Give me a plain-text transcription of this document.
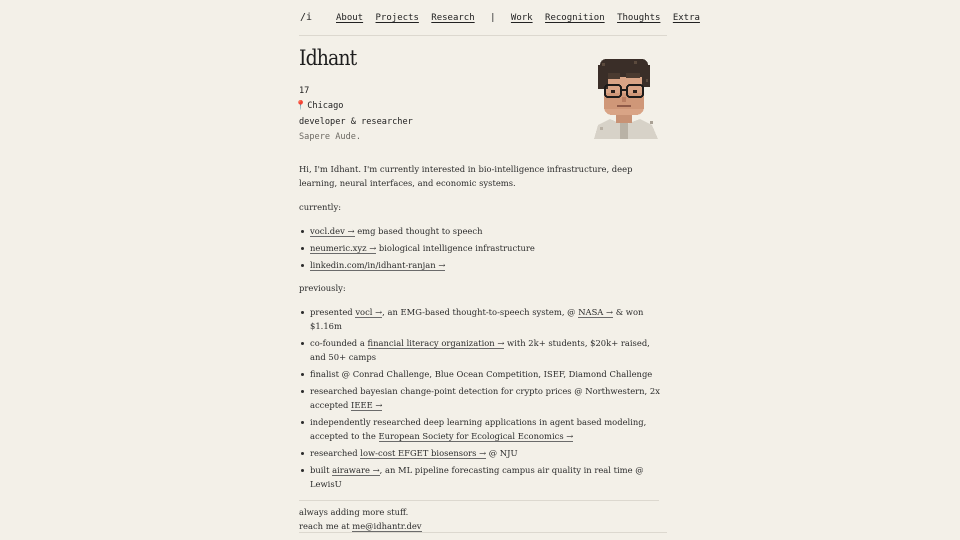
/i	About Projects Research | Work Recognition Thoughts Extra
Idhant
17
📍Chicago
developer & researcher
Sapere Aude.

Hi, I'm Idhant. I'm currently interested in bio-intelligence infrastructure, deep learning, neural interfaces, and economic systems.

currently:

vocl.dev → emg based thought to speech
neumeric.xyz → biological intelligence infrastructure
linkedin.com/in/idhant-ranjan →

previously:

presented vocl →, an EMG-based thought-to-speech system, @ NASA → & won $1.16m
co-founded a financial literacy organization → with 2k+ students, $20k+ raised, and 50+ camps
finalist @ Conrad Challenge, Blue Ocean Competition, ISEF, Diamond Challenge
researched bayesian change-point detection for crypto prices @ Northwestern, 2x accepted IEEE →
independently researched deep learning applications in agent based modeling, accepted to the European Society for Ecological Economics →
researched low-cost EFGET biosensors → @ NJU
built airaware →, an ML pipeline forecasting campus air quality in real time @ LewisU
always adding more stuff.
reach me at me@idhantr.dev
